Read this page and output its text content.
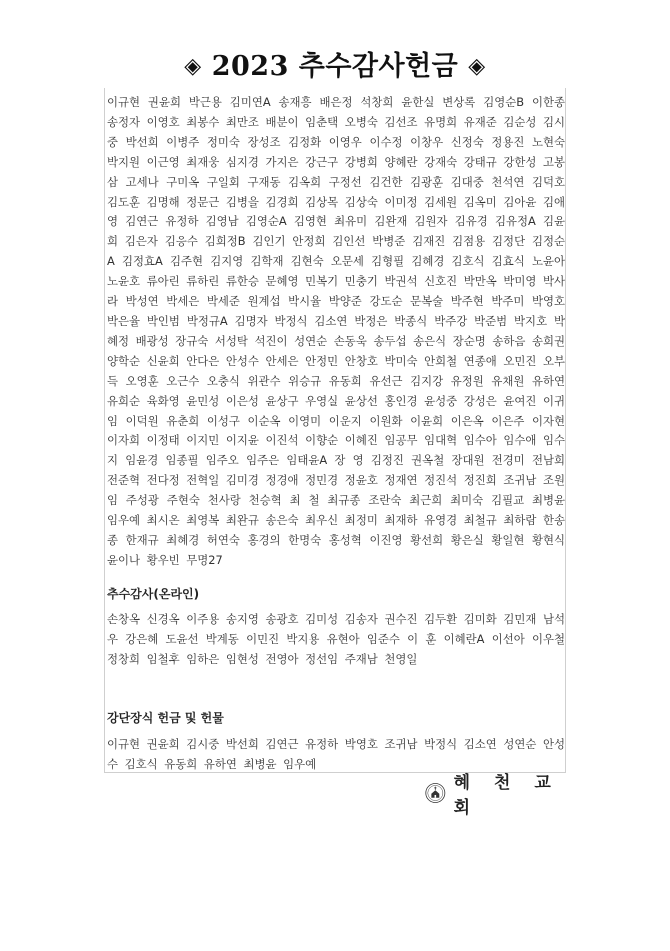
◈ 2023 추수감사헌금 ◈
이규현 권윤희 박근용 김미연A 송재흥 배은정 석창희 윤한실 변상록 김영순B 이한종 송정자 이영호 최봉수 최만조 배분이 임춘택 오병숙 김선조 유명희 유재준 김순성 김시중 박선희 이병주 정미숙 장성조 김정화 이영우 이수정 이창우 신정숙 정용진 노현숙 박지원 이근영 최재웅 심지경 가지은 강근구 강병희 양혜란 강재숙 강태규 강한성 고봉삼 고세나 구미옥 구일회 구재동 김옥희 구정선 김건한 김광훈 김대중 천석연 김덕호 김도훈 김명해 정문근 김병을 김경희 김상목 김상숙 이미정 김세원 김옥미 김아윤 김애영 김연근 유정하 김영남 김영순A 김영현 최유미 김완재 김원자 김유경 김유정A 김윤희 김은자 김응수 김희정B 김인기 안정희 김인선 박병준 김재진 김점용 김정단 김정순A 김정효A 김주현 김지영 김학재 김현숙 오문세 김형필 김혜경 김호식 김효식 노윤아 노윤호 류아린 류하린 류한승 문혜영 민복기 민충기 박권석 신호진 박만옥 박미영 박사라 박성연 박세은 박세준 원계섭 박시율 박양준 강도순 문복술 박주현 박주미 박영호 박은율 박인범 박정규A 김명자 박정식 김소연 박정은 박종식 박주강 박준범 박지호 박혜정 배광성 장규숙 서성탁 석진이 성연순 손동욱 송두섭 송은식 장순명 송하음 송희권 양학순 신윤희 안다은 안성수 안세은 안정민 안창호 박미숙 안희철 연종애 오민진 오부득 오영훈 오근수 오충식 위관수 위승규 유동희 유선근 김지강 유정원 유채원 유하연 유희순 육화영 윤민성 이은성 윤상구 우영실 윤상선 홍인경 윤성중 강성은 윤여진 이귀임 이덕원 유춘희 이성구 이순옥 이영미 이운지 이원화 이윤희 이은옥 이은주 이자현 이자희 이정태 이지민 이지윤 이진석 이향순 이혜진 임공무 임대혁 임수아 임수애 임수지 임윤경 임종필 임주오 임주은 임태윤A 장 영 김정진 권옥철 장대원 전경미 전남희 전준혁 전다정 전혁일 김미경 정경애 정민경 정윤호 정재연 정진석 정진희 조귀남 조원임 주성광 주현숙 천사랑 천승혁 최 철 최규종 조란숙 최근희 최미숙 김필교 최병윤 임우예 최시온 최영복 최완규 송은숙 최우신 최정미 최재하 유영경 최철규 최하람 한송종 한재규 최혜경 허연숙 홍경의 한명숙 홍성혁 이진영 황선희 황은실 황일현 황현식 윤이나 황우빈 무명27
추수감사(온라인)
손창옥 신경옥 이주용 송지영 송광호 김미성 김송자 권수진 김두환 김미화 김민재 남석우 강은혜 도윤선 박계동 이민진 박지용 유현아 임준수 이 훈 이혜란A 이선아 이우철 정창희 임철후 임하은 임현성 전영아 정선임 주재남 천영일
강단장식 헌금 및 헌물
이규현 권윤희 김시중 박선희 김연근 유정하 박영호 조귀남 박정식 김소연 성연순 안성수 김호식 유동희 유하연 최병윤 임우예
혜 천 교 회
